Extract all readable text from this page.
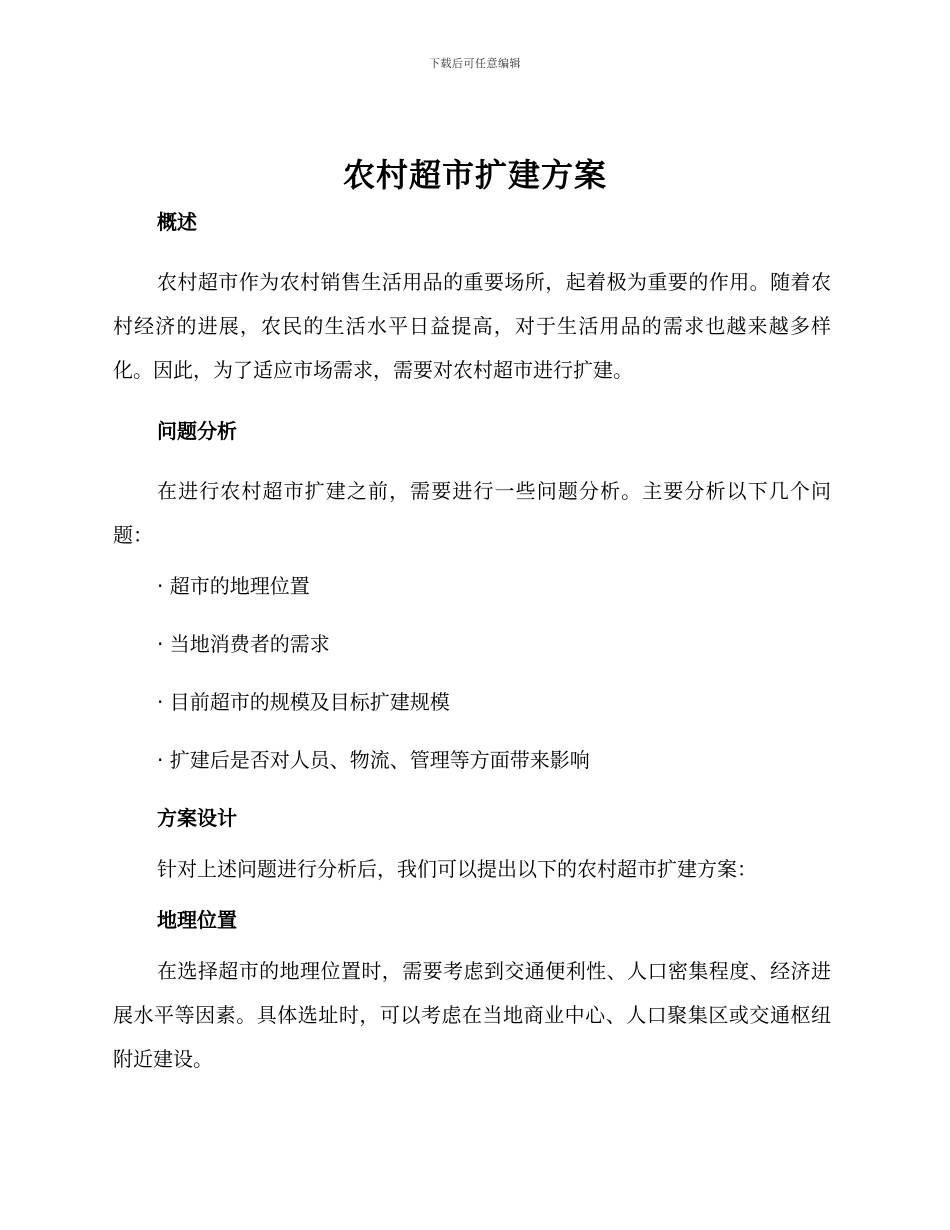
下载后可任意编辑
农村超市扩建方案

概述

农村超市作为农村销售生活用品的重要场所，起着极为重要的作用。随着农村经济的进展，农民的生活水平日益提高，对于生活用品的需求也越来越多样化。因此，为了适应市场需求，需要对农村超市进行扩建。

问题分析

在进行农村超市扩建之前，需要进行一些问题分析。主要分析以下几个问题：

· 超市的地理位置

· 当地消费者的需求

· 目前超市的规模及目标扩建规模

· 扩建后是否对人员、物流、管理等方面带来影响

方案设计

针对上述问题进行分析后，我们可以提出以下的农村超市扩建方案：

地理位置

在选择超市的地理位置时，需要考虑到交通便利性、人口密集程度、经济进展水平等因素。具体选址时，可以考虑在当地商业中心、人口聚集区或交通枢纽附近建设。
